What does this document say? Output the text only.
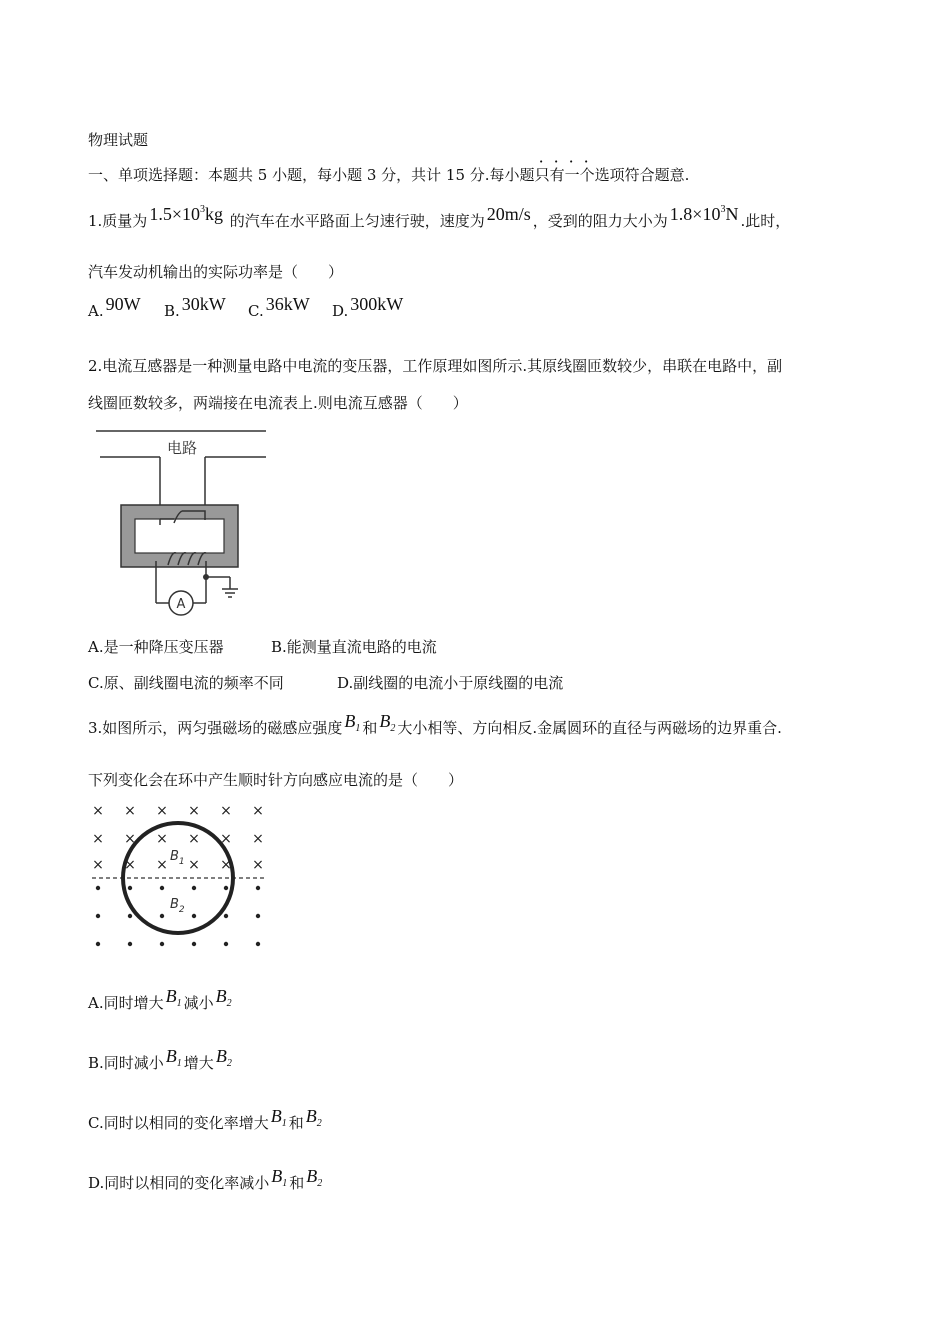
物理试题
一、单项选择题：本题共 5 小题，每小题 3 分，共计 15 分.每小题只有一个选项符合题意.
1.质量为 $1.5\times 10^3kg$ 的汽车在水平路面上匀速行驶，速度为 20m/s ，受到的阻力大小为 $1.8\times 10^3N$ .此时，
汽车发动机输出的实际功率是（　　）
A. 90W B. 30kW C. 36kW D. 300kW
2.电流互感器是一种测量电路中电流的变压器，工作原理如图所示.其原线圈匝数较少，串联在电路中，副
线圈匝数较多，两端接在电流表上.则电流互感器（　　）
电路
A
A.是一种降压变压器	B.能测量直流电路的电流
C.原、副线圈电流的频率不同	D.副线圈的电流小于原线圈的电流
3.如图所示，两匀强磁场的磁感应强度 $B_1$ 和 $B_2$ 大小相等、方向相反.金属圆环的直径与两磁场的边界重合.
下列变化会在环中产生顺时针方向感应电流的是（　　）
× × × × × ×
× × × × × ×
× × × × × ×
$B_1$
$B_2$
A.同时增大 $B_1$ 减小 $B_2$
B.同时减小 $B_1$ 增大 $B_2$
C.同时以相同的变化率增大 $B_1$ 和 $B_2$
D.同时以相同的变化率减小 $B_1$ 和 $B_2$
